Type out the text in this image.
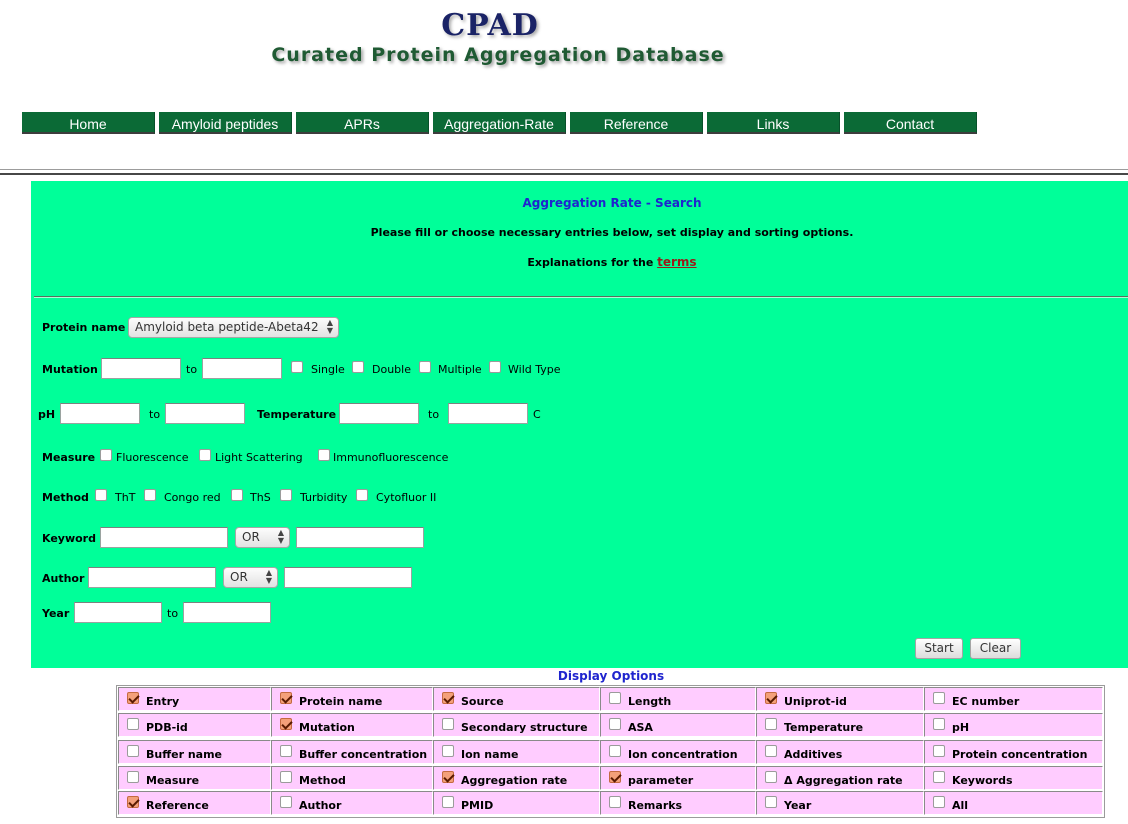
CPAD
Curated Protein Aggregation Database
Home	Amyloid peptides	APRs	Aggregation-Rate	Reference	Links	Contact
Aggregation Rate - Search
Please fill or choose necessary entries below, set display and sorting options.
Explanations for the terms
Protein name Amyloid beta peptide-Abeta42 ▲
▼
Mutation	to	Single Double Multiple Wild Type
pH	to	Temperature	to	C
Measure Fluorescence Light Scattering	Immunofluorescence
Method ThT	Congo red	ThS	Turbidity	Cytofluor II
Keyword	OR ▲
▼
Author	OR ▲
▼
Year	to
Start	Clear
Display Options
Entry	Protein name	Source	Length	Uniprot-id	EC number
PDB-id	Mutation	Secondary structure	ASA	Temperature	pH
Buffer name	Buffer concentration	Ion name	Ion concentration	Additives	Protein concentration
Measure	Method	Aggregation rate	parameter	Δ Aggregation rate	Keywords
Reference	Author	PMID	Remarks	Year	All
